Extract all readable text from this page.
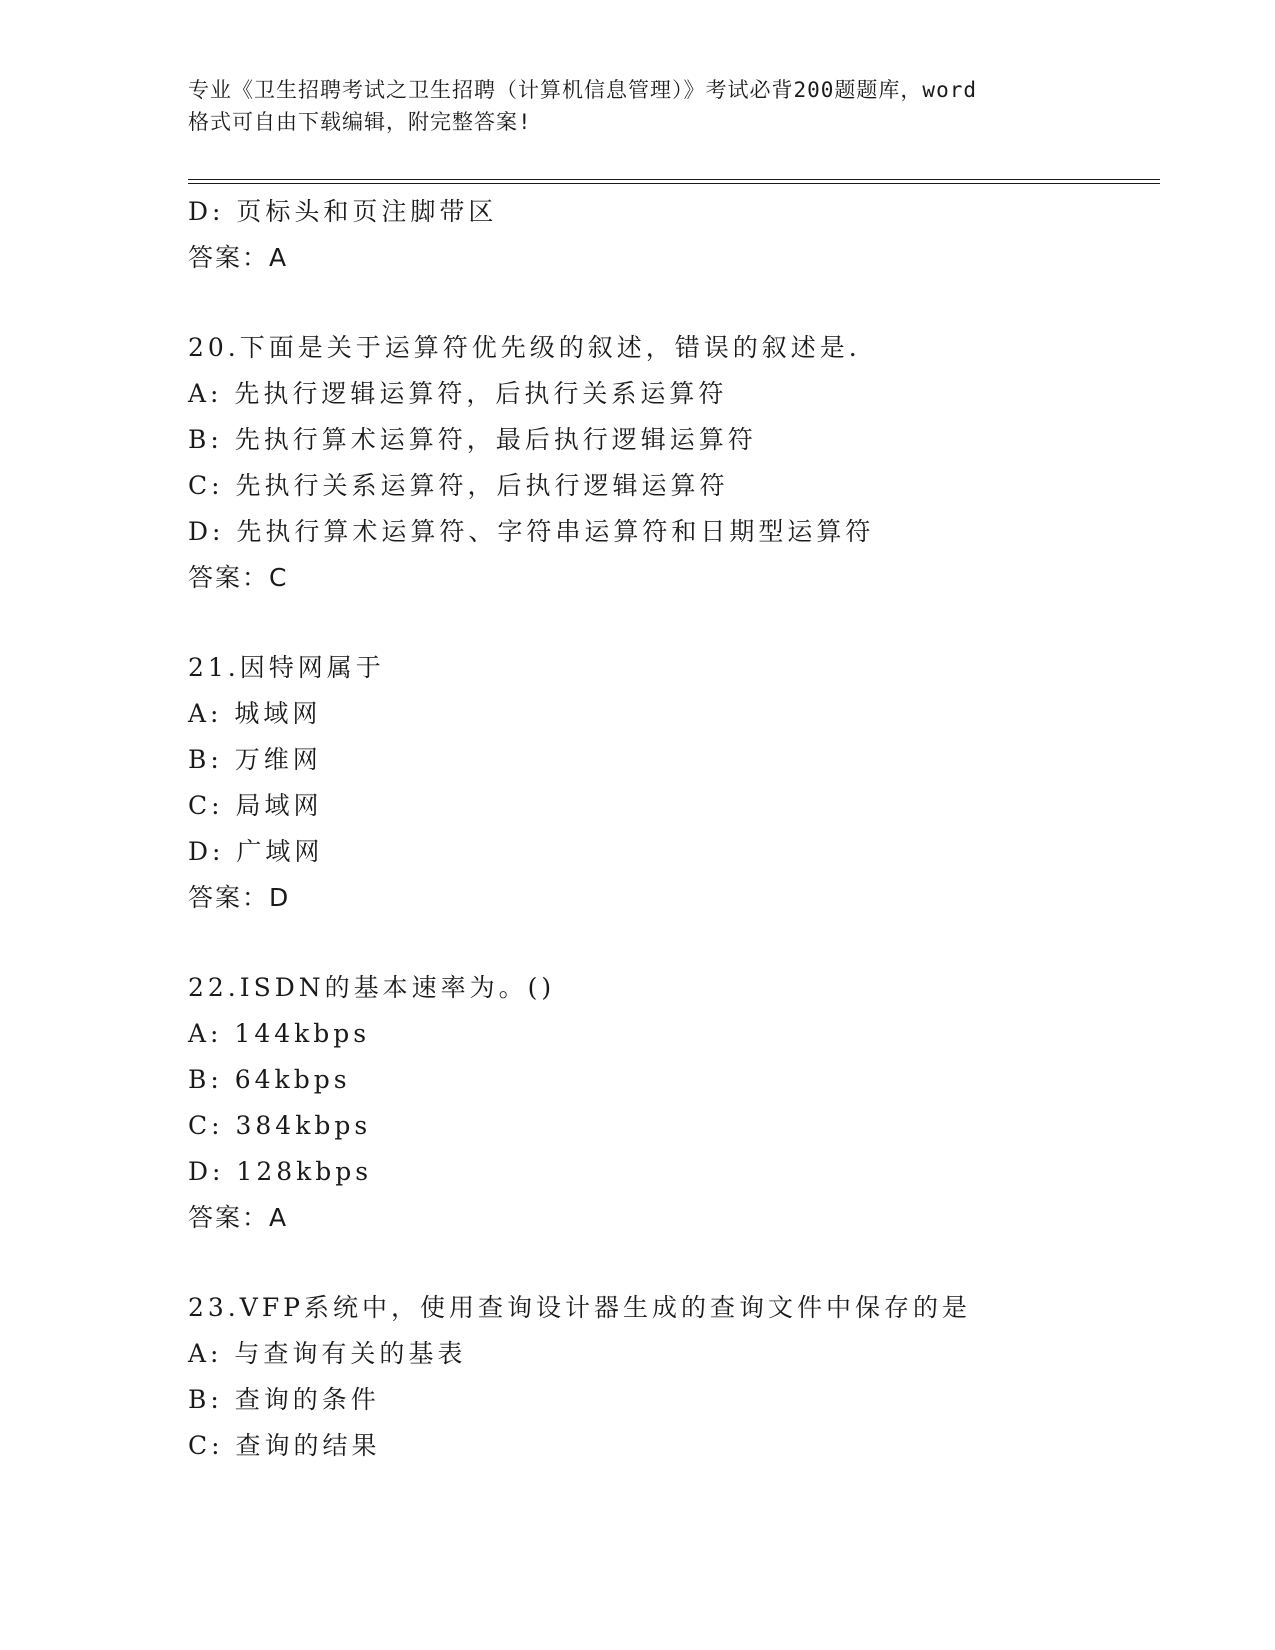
专业《卫生招聘考试之卫生招聘（计算机信息管理）》考试必背200题题库，word
格式可自由下载编辑，附完整答案!
D: 页标头和页注脚带区
答案：A
20.下面是关于运算符优先级的叙述，错误的叙述是.
A: 先执行逻辑运算符，后执行关系运算符
B: 先执行算术运算符，最后执行逻辑运算符
C: 先执行关系运算符，后执行逻辑运算符
D: 先执行算术运算符、字符串运算符和日期型运算符
答案：C
21.因特网属于
A: 城域网
B: 万维网
C: 局域网
D: 广域网
答案：D
22.ISDN的基本速率为。()
A: 144kbps
B: 64kbps
C: 384kbps
D: 128kbps
答案：A
23.VFP系统中，使用查询设计器生成的查询文件中保存的是
A: 与查询有关的基表
B: 查询的条件
C: 查询的结果
